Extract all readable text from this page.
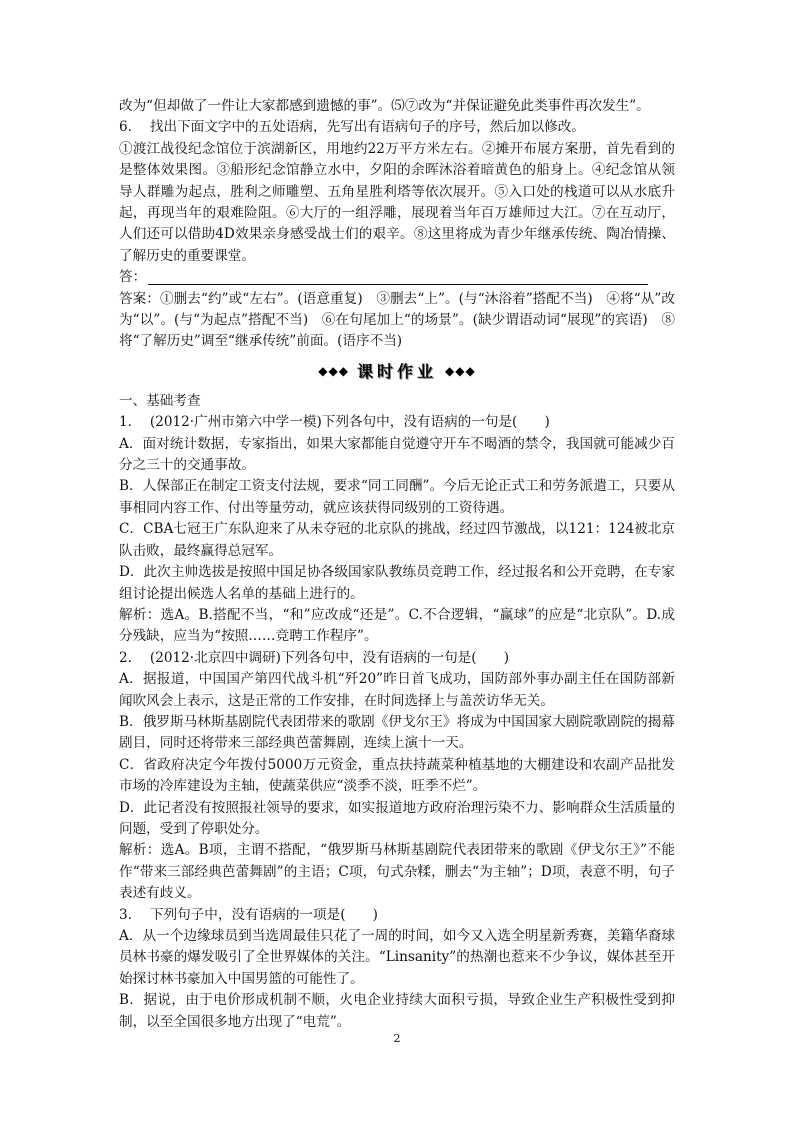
改为“但却做了一件让大家都感到遗憾的事”。⑸⑦改为“并保证避免此类事件再次发生”。

6.　 找出下面文字中的五处语病，先写出有语病句子的序号，然后加以修改。

①渡江战役纪念馆位于滨湖新区，用地约22万平方米左右。②摊开布展方案册，首先看到的是整体效果图。③船形纪念馆静立水中，夕阳的余晖沐浴着暗黄色的船身上。④纪念馆从领导人群雕为起点，胜利之师雕塑、五角星胜利塔等依次展开。⑤入口处的栈道可以从水底升起，再现当年的艰难险阻。⑥大厅的一组浮雕，展现着当年百万雄师过大江。⑦在互动厅，人们还可以借助4D效果亲身感受战士们的艰辛。⑧这里将成为青少年继承传统、陶冶情操、了解历史的重要课堂。

答：

答案：①删去“约”或“左右”。(语意重复)　③删去“上”。(与“沐浴着”搭配不当)　④将“从”改为“以”。(与“为起点”搭配不当)　⑥在句尾加上“的场景”。(缺少谓语动词“展现”的宾语)　⑧将“了解历史”调至“继承传统”前面。(语序不当)

◆◆◆ 课时作业 ◆◆◆

一、基础考查

1.　 (2012·广州市第六中学一模)下列各句中，没有语病的一句是(　　)

A．面对统计数据，专家指出，如果大家都能自觉遵守开车不喝酒的禁令，我国就可能减少百分之三十的交通事故。

B．人保部正在制定工资支付法规，要求“同工同酬”。今后无论正式工和劳务派遣工，只要从事相同内容工作、付出等量劳动，就应该获得同级别的工资待遇。

C．CBA七冠王广东队迎来了从未夺冠的北京队的挑战，经过四节激战，以121：124被北京队击败，最终赢得总冠军。

D．此次主帅选拔是按照中国足协各级国家队教练员竞聘工作，经过报名和公开竞聘，在专家组讨论提出候选人名单的基础上进行的。

解析：选A。B.搭配不当，“和”应改成“还是”。C.不合逻辑，“赢球”的应是“北京队”。D.成分残缺，应当为“按照……竞聘工作程序”。

2.　 (2012·北京四中调研)下列各句中，没有语病的一句是(　　)

A．据报道，中国国产第四代战斗机“歼20”昨日首飞成功，国防部外事办副主任在国防部新闻吹风会上表示，这是正常的工作安排，在时间选择上与盖茨访华无关。

B．俄罗斯马林斯基剧院代表团带来的歌剧《伊戈尔王》将成为中国国家大剧院歌剧院的揭幕剧目，同时还将带来三部经典芭蕾舞剧，连续上演十一天。

C．省政府决定今年拨付5000万元资金，重点扶持蔬菜种植基地的大棚建设和农副产品批发市场的冷库建设为主轴，使蔬菜供应“淡季不淡，旺季不烂”。

D．此记者没有按照报社领导的要求，如实报道地方政府治理污染不力、影响群众生活质量的问题，受到了停职处分。

解析：选A。B项，主谓不搭配，“俄罗斯马林斯基剧院代表团带来的歌剧《伊戈尔王》”不能作“带来三部经典芭蕾舞剧”的主语；C项，句式杂糅，删去“为主轴”；D项，表意不明，句子表述有歧义。

3.　 下列句子中，没有语病的一项是(　　)

A．从一个边缘球员到当选周最佳只花了一周的时间，如今又入选全明星新秀赛，美籍华裔球员林书豪的爆发吸引了全世界媒体的关注。“Linsanity”的热潮也惹来不少争议，媒体甚至开始探讨林书豪加入中国男篮的可能性了。

B．据说，由于电价形成机制不顺，火电企业持续大面积亏损，导致企业生产积极性受到抑制，以至全国很多地方出现了“电荒”。

2
